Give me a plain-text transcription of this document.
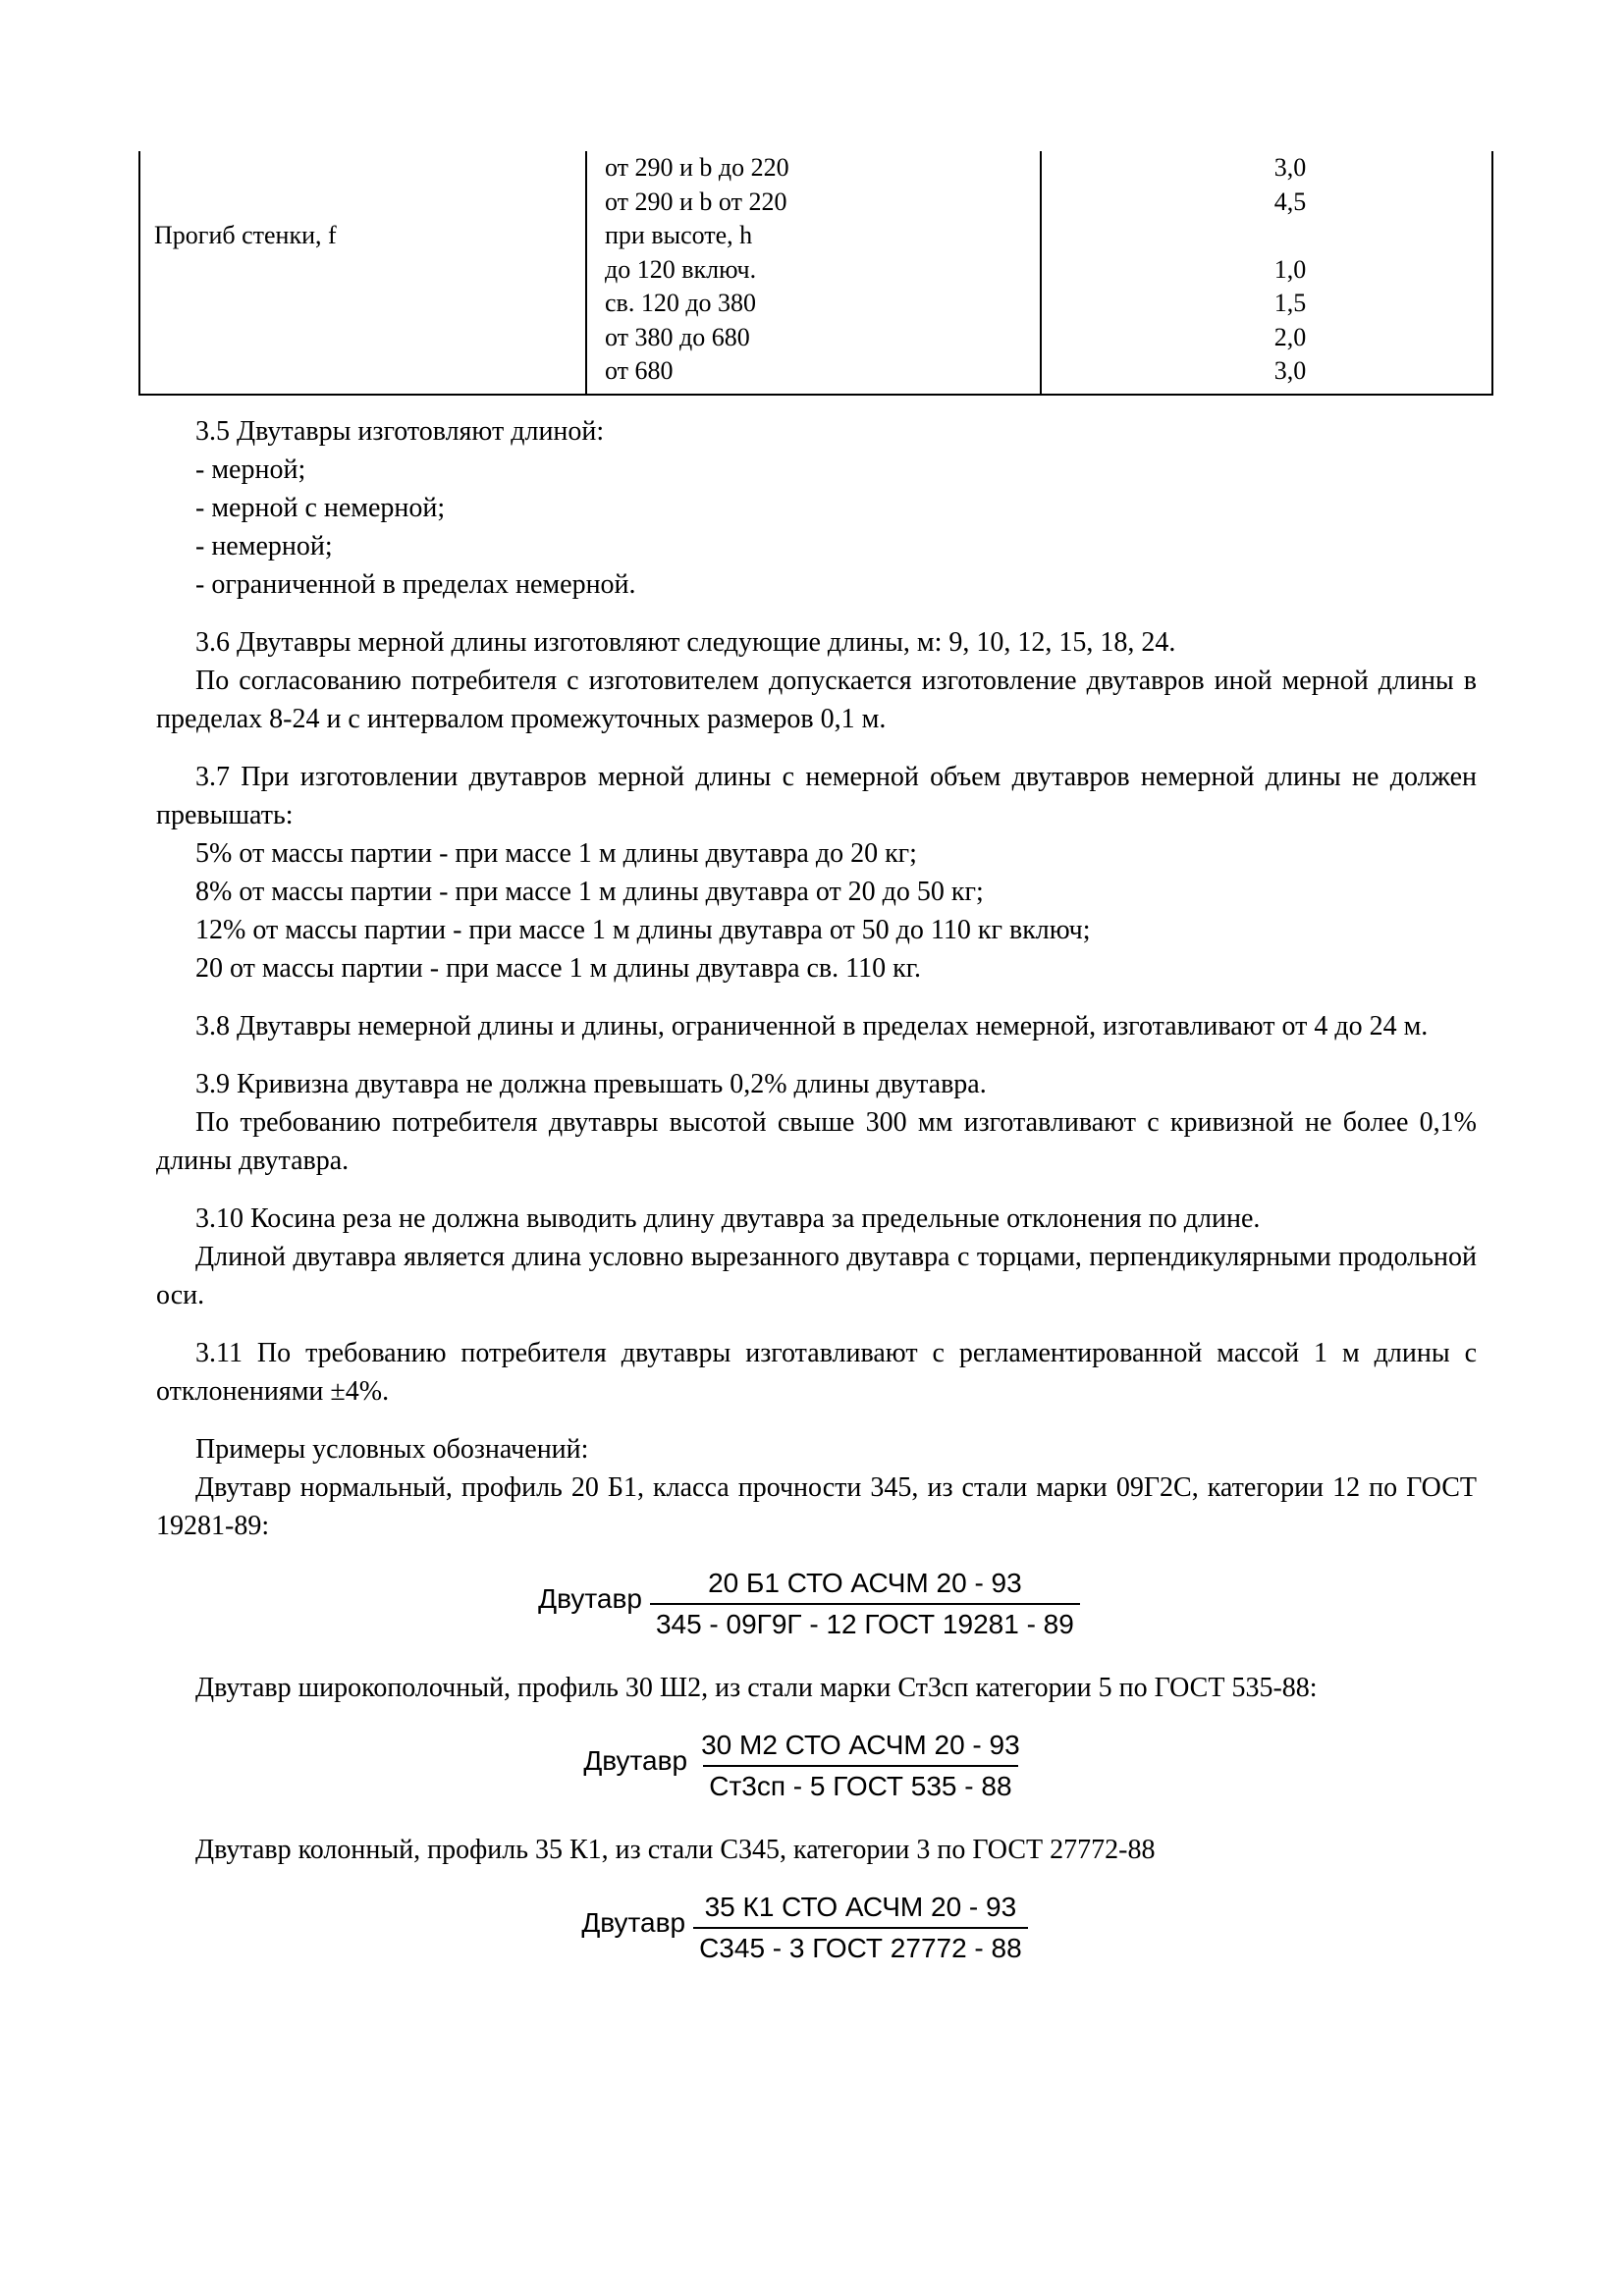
Прогиб стенки, f
от 290 и b до 220
от 290 и b от 220
при высоте, h
до 120 включ.
св. 120 до 380
от 380 до 680
от 680
3,0
4,5

1,0
1,5
2,0
3,0

3.5 Двутавры изготовляют длиной:

- мерной;

- мерной с немерной;

- немерной;

- ограниченной в пределах немерной.

3.6 Двутавры мерной длины изготовляют следующие длины, м: 9, 10, 12, 15, 18, 24.

По согласованию потребителя с изготовителем допускается изготовление двутавров иной мерной длины в пределах 8-24 и с интервалом промежуточных размеров 0,1 м.

3.7 При изготовлении двутавров мерной длины с немерной объем двутавров немерной длины не должен превышать:

5% от массы партии - при массе 1 м длины двутавра до 20 кг;

8% от массы партии - при массе 1 м длины двутавра от 20 до 50 кг;

12% от массы партии - при массе 1 м длины двутавра от 50 до 110 кг включ;

20 от массы партии - при массе 1 м длины двутавра св. 110 кг.

3.8 Двутавры немерной длины и длины, ограниченной в пределах немерной, изготавливают от 4 до 24 м.

3.9 Кривизна двутавра не должна превышать 0,2% длины двутавра.

По требованию потребителя двутавры высотой свыше 300 мм изготавливают с кривизной не более 0,1% длины двутавра.

3.10 Косина реза не должна выводить длину двутавра за предельные отклонения по длине.

Длиной двутавра является длина условно вырезанного двутавра с торцами, перпендикулярными продольной оси.

3.11 По требованию потребителя двутавры изготавливают с регламентированной массой 1 м длины с отклонениями ±4%.

Примеры условных обозначений:

Двутавр нормальный, профиль 20 Б1, класса прочности 345, из стали марки 09Г2С, категории 12 по ГОСТ 19281-89:

Двутавр $\frac{\text{20 Б1 СТО АСЧМ 20 - 93}}{\text{345 - 09Г9Г - 12 ГОСТ 19281 - 89}}$

Двутавр широкополочный, профиль 30 Ш2, из стали марки Ст3сп категории 5 по ГОСТ 535-88:

Двутавр $\frac{\text{30 М2 СТО АСЧМ 20 - 93}}{\text{Ст3сп - 5 ГОСТ 535 - 88}}$

Двутавр колонный, профиль 35 К1, из стали С345, категории 3 по ГОСТ 27772-88

Двутавр $\frac{\text{35 К1 СТО АСЧМ 20 - 93}}{\text{С345 - 3 ГОСТ 27772 - 88}}$
